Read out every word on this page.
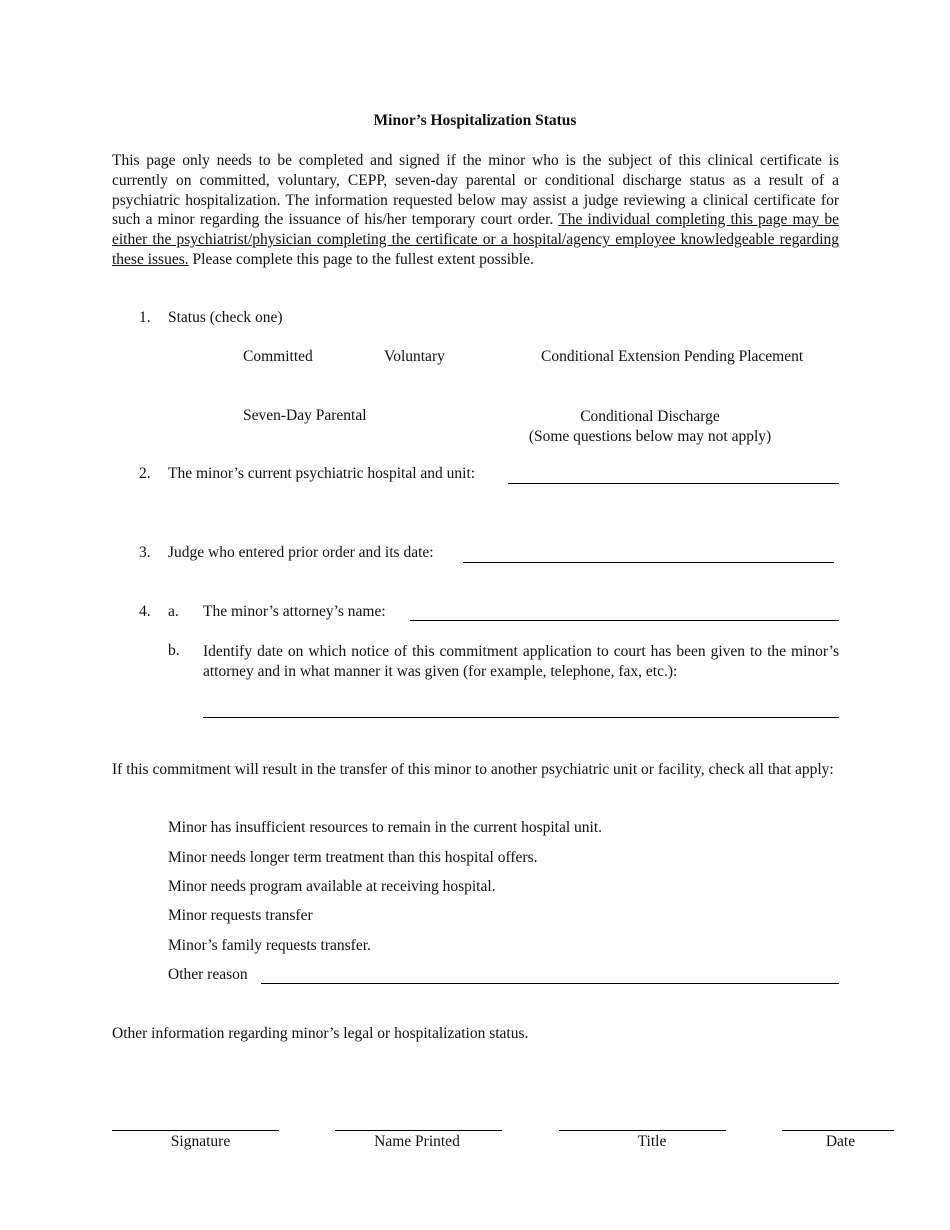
Minor’s Hospitalization Status
This page only needs to be completed and signed if the minor who is the subject of this clinical certificate is currently on committed, voluntary, CEPP, seven-day parental or conditional discharge status as a result of a psychiatric hospitalization. The information requested below may assist a judge reviewing a clinical certificate for such a minor regarding the issuance of his/her temporary court order. The individual completing this page may be either the psychiatrist/physician completing the certificate or a hospital/agency employee knowledgeable regarding these issues. Please complete this page to the fullest extent possible.
1. Status (check one)
Committed	Voluntary	Conditional Extension Pending Placement
Seven-Day Parental	Conditional Discharge
(Some questions below may not apply)
2. The minor’s current psychiatric hospital and unit:
3. Judge who entered prior order and its date:
4. a. The minor’s attorney’s name:
b. Identify date on which notice of this commitment application to court has been given to the minor’s attorney and in what manner it was given (for example, telephone, fax, etc.):
If this commitment will result in the transfer of this minor to another psychiatric unit or facility, check all that apply:
Minor has insufficient resources to remain in the current hospital unit.
Minor needs longer term treatment than this hospital offers.
Minor needs program available at receiving hospital.
Minor requests transfer
Minor’s family requests transfer.
Other reason
Other information regarding minor’s legal or hospitalization status.
Signature	Name Printed	Title	Date
